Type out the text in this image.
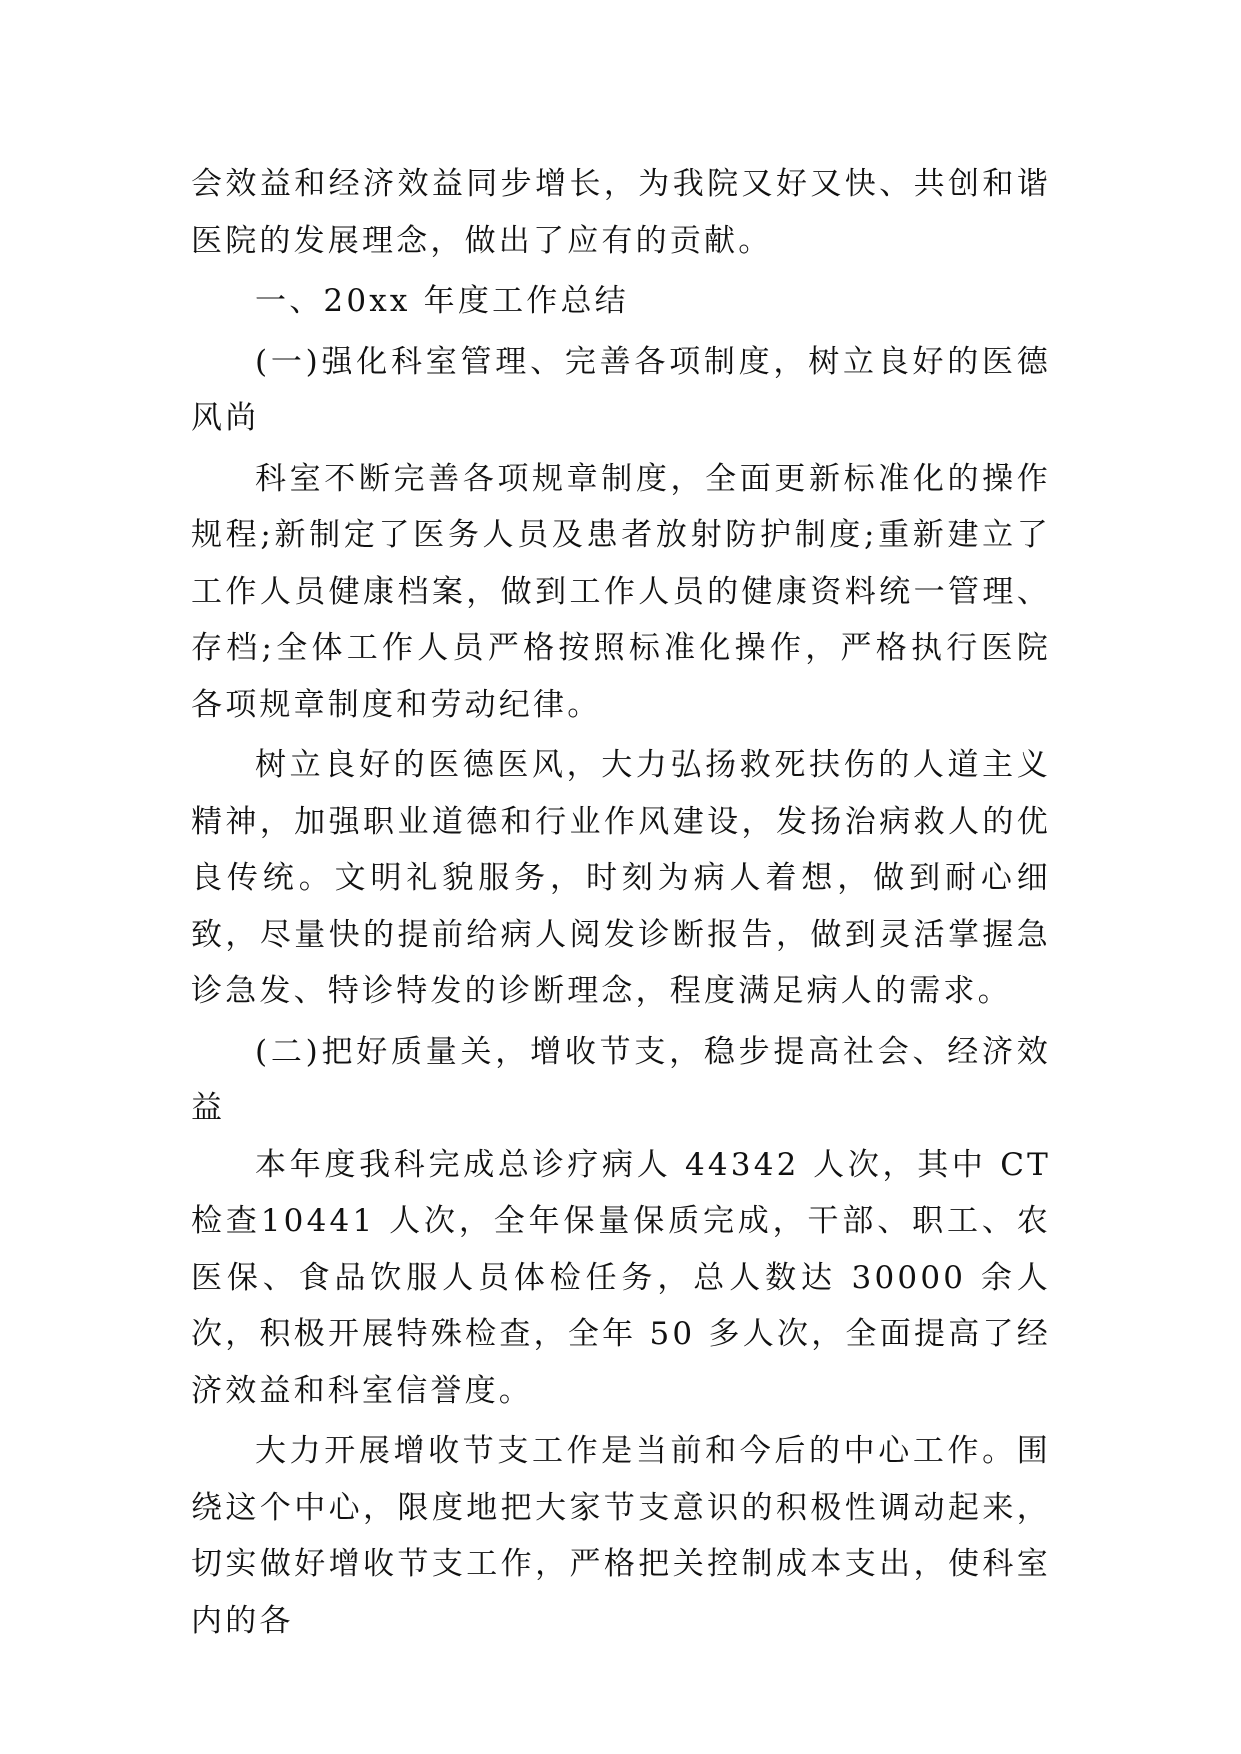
会效益和经济效益同步增长，为我院又好又快、共创和谐医院的发展理念，做出了应有的贡献。

一、20xx 年度工作总结

(一)强化科室管理、完善各项制度，树立良好的医德风尚

科室不断完善各项规章制度，全面更新标准化的操作规程;新制定了医务人员及患者放射防护制度;重新建立了工作人员健康档案，做到工作人员的健康资料统一管理、存档;全体工作人员严格按照标准化操作，严格执行医院各项规章制度和劳动纪律。

树立良好的医德医风，大力弘扬救死扶伤的人道主义精神，加强职业道德和行业作风建设，发扬治病救人的优良传统。文明礼貌服务，时刻为病人着想，做到耐心细致，尽量快的提前给病人阅发诊断报告，做到灵活掌握急诊急发、特诊特发的诊断理念，程度满足病人的需求。

(二)把好质量关，增收节支，稳步提高社会、经济效益

本年度我科完成总诊疗病人 44342 人次，其中 CT 检查10441 人次，全年保量保质完成，干部、职工、农医保、食品饮服人员体检任务，总人数达 30000 余人次，积极开展特殊检查，全年 50 多人次，全面提高了经济效益和科室信誉度。

大力开展增收节支工作是当前和今后的中心工作。围绕这个中心，限度地把大家节支意识的积极性调动起来，切实做好增收节支工作，严格把关控制成本支出，使科室内的各
